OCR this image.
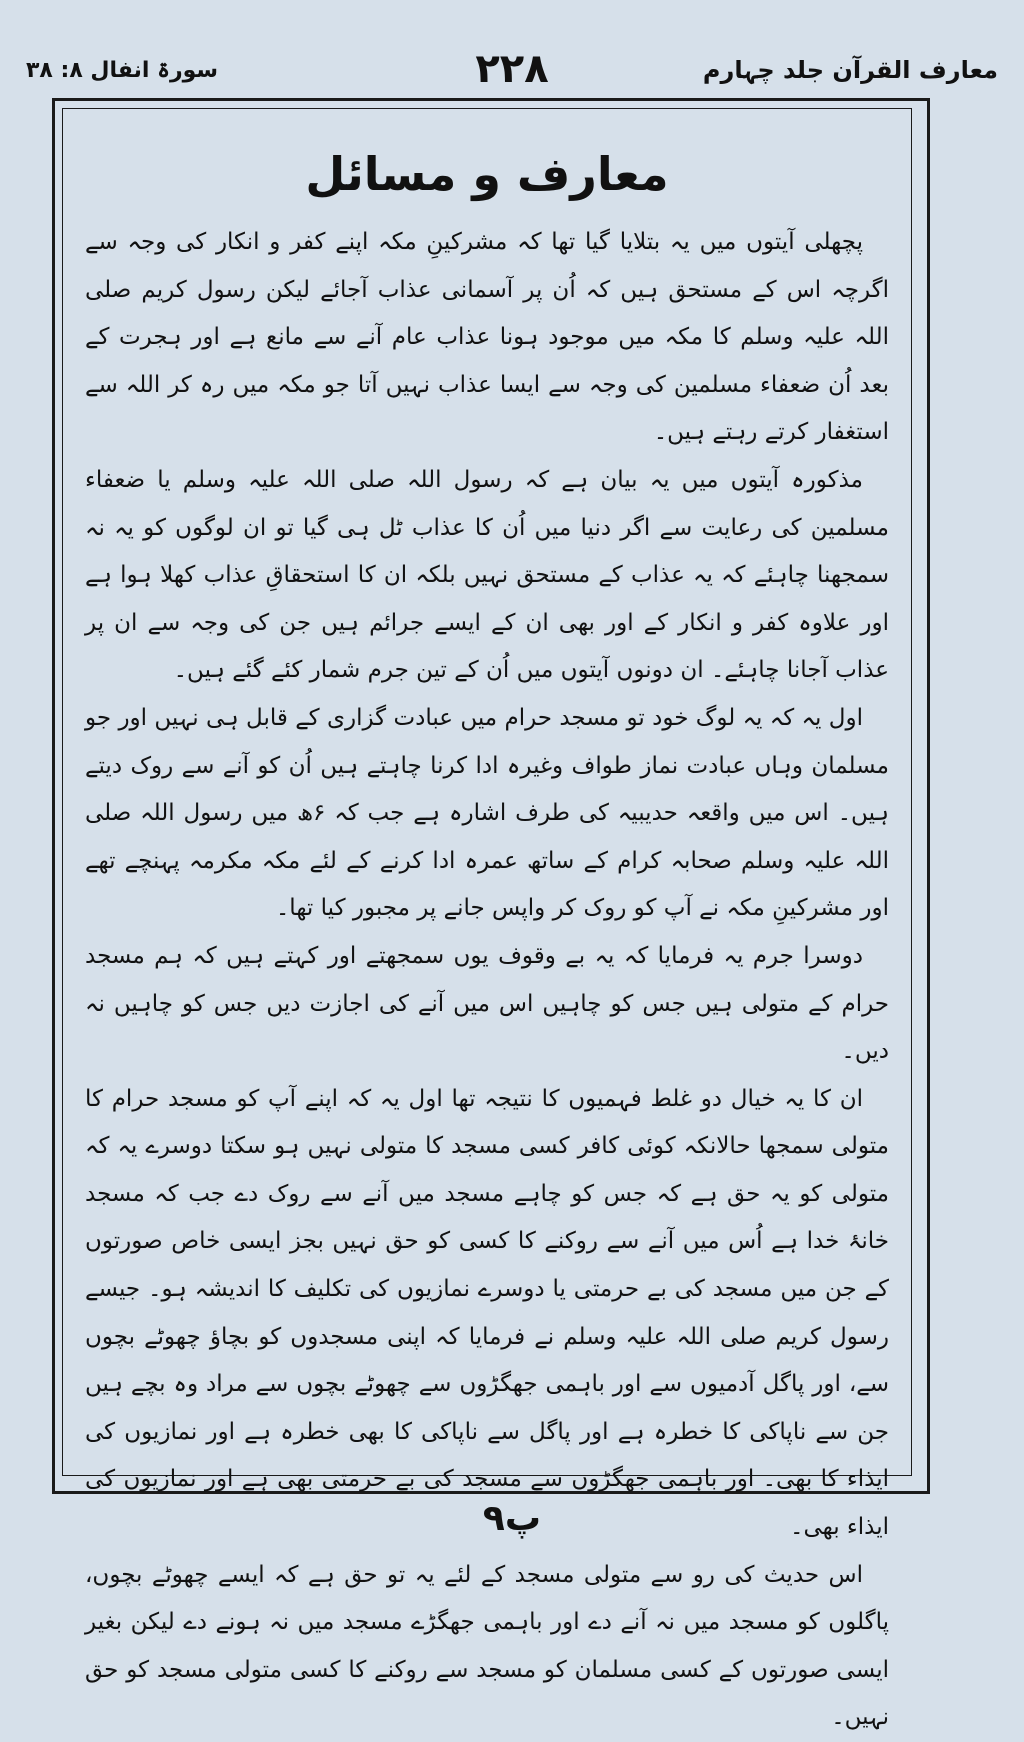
معارف القرآن جلد چہارم
۲۲۸
سورۃ انفال ۸: ۳۸
معارف و مسائل

پچھلی آیتوں میں یہ بتلایا گیا تھا کہ مشرکینِ مکہ اپنے کفر و انکار کی وجہ سے اگرچہ اس کے مستحق ہیں کہ اُن پر آسمانی عذاب آجائے لیکن رسول کریم صلی اللہ علیہ وسلم کا مکہ میں موجود ہونا عذاب عام آنے سے مانع ہے اور ہجرت کے بعد اُن ضعفاء مسلمین کی وجہ سے ایسا عذاب نہیں آتا جو مکہ میں رہ کر اللہ سے استغفار کرتے رہتے ہیں۔

مذکورہ آیتوں میں یہ بیان ہے کہ رسول اللہ صلی اللہ علیہ وسلم یا ضعفاء مسلمین کی رعایت سے اگر دنیا میں اُن کا عذاب ٹل ہی گیا تو ان لوگوں کو یہ نہ سمجھنا چاہئے کہ یہ عذاب کے مستحق نہیں بلکہ ان کا استحقاقِ عذاب کھلا ہوا ہے اور علاوہ کفر و انکار کے اور بھی ان کے ایسے جرائم ہیں جن کی وجہ سے ان پر عذاب آجانا چاہئے۔ ان دونوں آیتوں میں اُن کے تین جرم شمار کئے گئے ہیں۔

اول یہ کہ یہ لوگ خود تو مسجد حرام میں عبادت گزاری کے قابل ہی نہیں اور جو مسلمان وہاں عبادت نماز طواف وغیرہ ادا کرنا چاہتے ہیں اُن کو آنے سے روک دیتے ہیں۔ اس میں واقعہ حدیبیہ کی طرف اشارہ ہے جب کہ ۶ھ میں رسول اللہ صلی اللہ علیہ وسلم صحابہ کرام کے ساتھ عمرہ ادا کرنے کے لئے مکہ مکرمہ پہنچے تھے اور مشرکینِ مکہ نے آپ کو روک کر واپس جانے پر مجبور کیا تھا۔

دوسرا جرم یہ فرمایا کہ یہ بے وقوف یوں سمجھتے اور کہتے ہیں کہ ہم مسجد حرام کے متولی ہیں جس کو چاہیں اس میں آنے کی اجازت دیں جس کو چاہیں نہ دیں۔

ان کا یہ خیال دو غلط فہمیوں کا نتیجہ تھا اول یہ کہ اپنے آپ کو مسجد حرام کا متولی سمجھا حالانکہ کوئی کافر کسی مسجد کا متولی نہیں ہو سکتا دوسرے یہ کہ متولی کو یہ حق ہے کہ جس کو چاہے مسجد میں آنے سے روک دے جب کہ مسجد خانۂ خدا ہے اُس میں آنے سے روکنے کا کسی کو حق نہیں بجز ایسی خاص صورتوں کے جن میں مسجد کی بے حرمتی یا دوسرے نمازیوں کی تکلیف کا اندیشہ ہو۔ جیسے رسول کریم صلی اللہ علیہ وسلم نے فرمایا کہ اپنی مسجدوں کو بچاؤ چھوٹے بچوں سے، اور پاگل آدمیوں سے اور باہمی جھگڑوں سے چھوٹے بچوں سے مراد وہ بچے ہیں جن سے ناپاکی کا خطرہ ہے اور پاگل سے ناپاکی کا بھی خطرہ ہے اور نمازیوں کی ایذاء کا بھی۔ اور باہمی جھگڑوں سے مسجد کی بے حرمتی بھی ہے اور نمازیوں کی ایذاء بھی۔

اس حدیث کی رو سے متولی مسجد کے لئے یہ تو حق ہے کہ ایسے چھوٹے بچوں، پاگلوں کو مسجد میں نہ آنے دے اور باہمی جھگڑے مسجد میں نہ ہونے دے لیکن بغیر ایسی صورتوں کے کسی مسلمان کو مسجد سے روکنے کا کسی متولی مسجد کو حق نہیں۔

۹پ
